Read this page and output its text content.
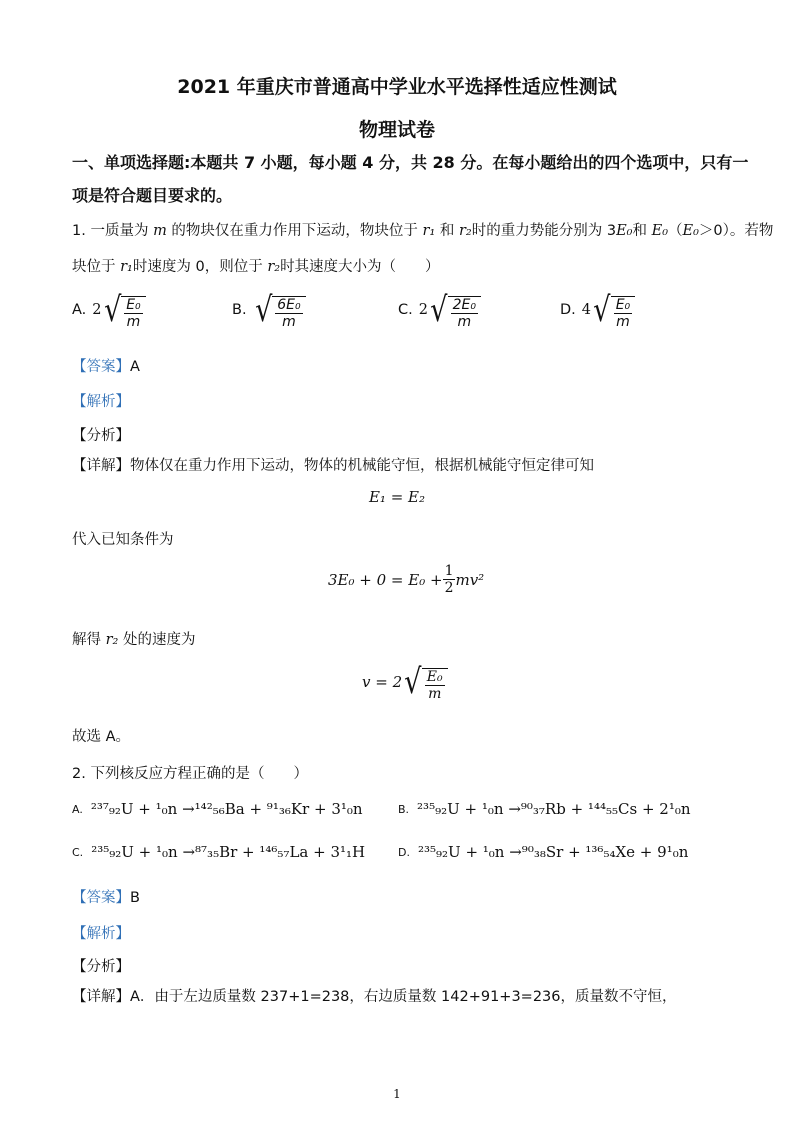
2021 年重庆市普通高中学业水平选择性适应性测试
物理试卷
一、单项选择题:本题共 7 小题，每小题 4 分，共 28 分。在每小题给出的四个选项中，只有一
项是符合题目要求的。
1. 一质量为 m 的物块仅在重力作用下运动，物块位于 r₁ 和 r₂时的重力势能分别为 3E₀和 E₀（E₀＞0）。若物
块位于 r₁时速度为 0，则位于 r₂时其速度大小为（　　）
A. 2 √ $\frac{\text{E₀}}{m}$	B. √ $\frac{\text{6E₀}}{m}$	C. 2 √ $\frac{\text{2E₀}}{m}$	D. 4 √ $\frac{\text{E₀}}{m}$
【答案】A
【解析】
【分析】
【详解】物体仅在重力作用下运动，物体的机械能守恒，根据机械能守恒定律可知
E₁ = E₂
代入已知条件为
$3E_0 + 0 = E_0 + \frac{1}{2} mv^2$
解得 r₂ 处的速度为
v = 2 √ $\frac{\text{E₀}}{m}$
故选 A。
2. 下列核反应方程正确的是（　　）
A. ²³⁷₉₂U + ¹₀n →¹⁴²₅₆Ba + ⁹¹₃₆Kr + 3¹₀n	B. ²³⁵₉₂U + ¹₀n →⁹⁰₃₇Rb + ¹⁴⁴₅₅Cs + 2¹₀n
C. ²³⁵₉₂U + ¹₀n →⁸⁷₃₅Br + ¹⁴⁶₅₇La + 3¹₁H	D. ²³⁵₉₂U + ¹₀n →⁹⁰₃₈Sr + ¹³⁶₅₄Xe + 9¹₀n
【答案】B
【解析】
【分析】
【详解】A．由于左边质量数 237+1=238，右边质量数 142+91+3=236，质量数不守恒，
1
